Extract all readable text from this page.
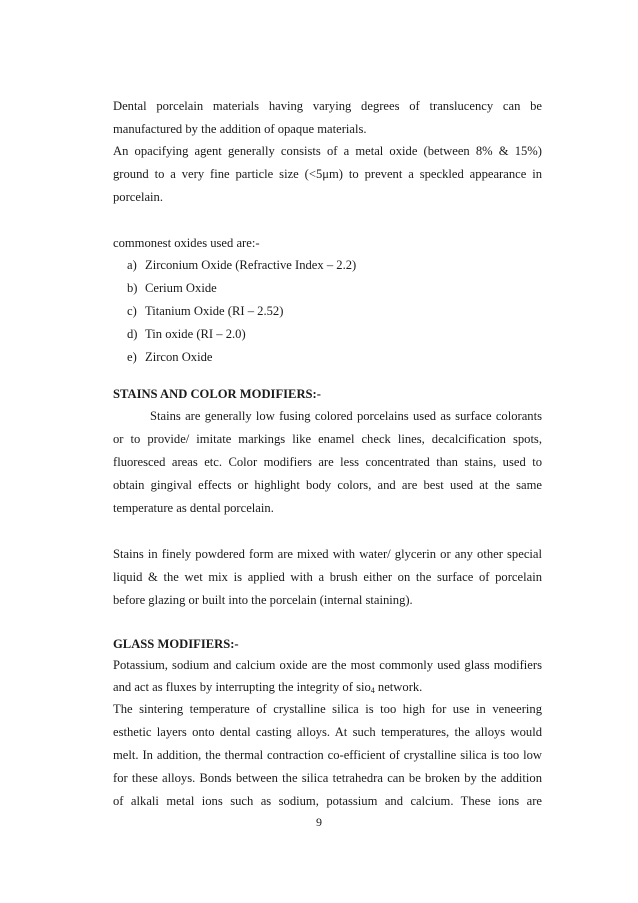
Dental porcelain materials having varying degrees of translucency can be
manufactured by the addition of opaque materials.
An opacifying agent generally consists of a metal oxide (between 8% & 15%)
ground to a very fine particle size (<5μm) to prevent a speckled appearance in
porcelain.
commonest oxides used are:-
a) Zirconium Oxide (Refractive Index – 2.2)
b) Cerium Oxide
c) Titanium Oxide (RI – 2.52)
d) Tin oxide (RI – 2.0)
e) Zircon Oxide
STAINS AND COLOR MODIFIERS:-
Stains are generally low fusing colored porcelains used as surface colorants
or to provide/ imitate markings like enamel check lines, decalcification spots,
fluoresced areas etc. Color modifiers are less concentrated than stains, used to
obtain gingival effects or highlight body colors, and are best used at the same
temperature as dental porcelain.
Stains in finely powdered form are mixed with water/ glycerin or any other special
liquid & the wet mix is applied with a brush either on the surface of porcelain
before glazing or built into the porcelain (internal staining).
GLASS MODIFIERS:-
Potassium, sodium and calcium oxide are the most commonly used glass modifiers
and act as fluxes by interrupting the integrity of sio$_4$ network.
The sintering temperature of crystalline silica is too high for use in veneering
esthetic layers onto dental casting alloys. At such temperatures, the alloys would
melt. In addition, the thermal contraction co-efficient of crystalline silica is too low
for these alloys. Bonds between the silica tetrahedra can be broken by the addition
of alkali metal ions such as sodium, potassium and calcium. These ions are
9
